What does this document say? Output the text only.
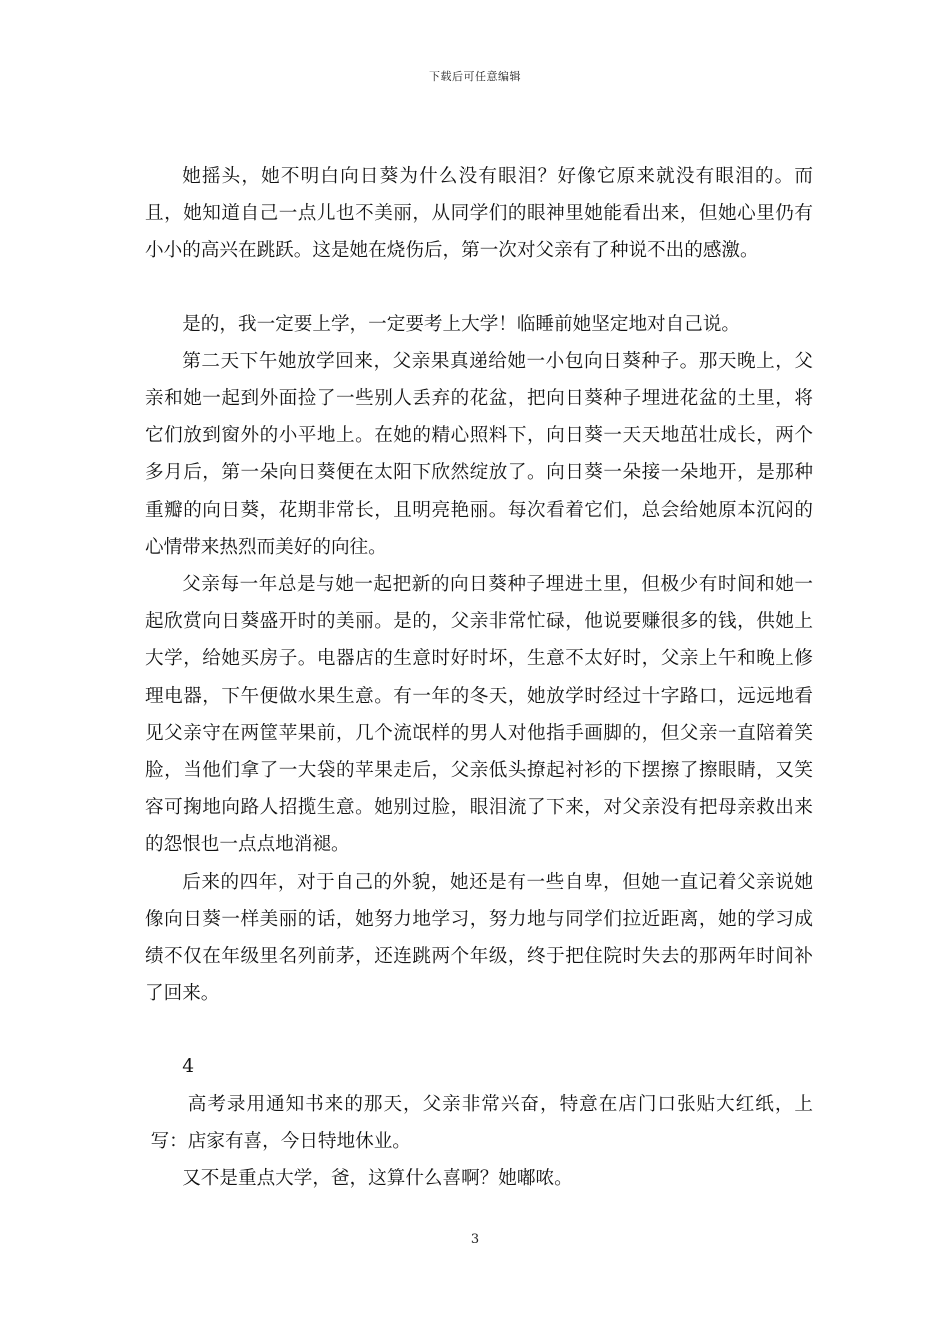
下载后可任意编辑

她摇头，她不明白向日葵为什么没有眼泪？好像它原来就没有眼泪的。而且，她知道自己一点儿也不美丽，从同学们的眼神里她能看出来，但她心里仍有小小的高兴在跳跃。这是她在烧伤后，第一次对父亲有了种说不出的感激。

是的，我一定要上学，一定要考上大学！临睡前她坚定地对自己说。

第二天下午她放学回来，父亲果真递给她一小包向日葵种子。那天晚上，父亲和她一起到外面捡了一些别人丢弃的花盆，把向日葵种子埋进花盆的土里，将它们放到窗外的小平地上。在她的精心照料下，向日葵一天天地茁壮成长，两个多月后，第一朵向日葵便在太阳下欣然绽放了。向日葵一朵接一朵地开，是那种重瓣的向日葵，花期非常长，且明亮艳丽。每次看着它们，总会给她原本沉闷的心情带来热烈而美好的向往。

父亲每一年总是与她一起把新的向日葵种子埋进土里，但极少有时间和她一起欣赏向日葵盛开时的美丽。是的，父亲非常忙碌，他说要赚很多的钱，供她上大学，给她买房子。电器店的生意时好时坏，生意不太好时，父亲上午和晚上修理电器，下午便做水果生意。有一年的冬天，她放学时经过十字路口，远远地看见父亲守在两筐苹果前，几个流氓样的男人对他指手画脚的，但父亲一直陪着笑脸，当他们拿了一大袋的苹果走后，父亲低头撩起衬衫的下摆擦了擦眼睛，又笑容可掬地向路人招揽生意。她别过脸，眼泪流了下来，对父亲没有把母亲救出来的怨恨也一点点地消褪。

后来的四年，对于自己的外貌，她还是有一些自卑，但她一直记着父亲说她像向日葵一样美丽的话，她努力地学习，努力地与同学们拉近距离，她的学习成绩不仅在年级里名列前茅，还连跳两个年级，终于把住院时失去的那两年时间补了回来。

4

高考录用通知书来的那天，父亲非常兴奋，特意在店门口张贴大红纸，上写：店家有喜，今日特地休业。

又不是重点大学，爸，这算什么喜啊？她嘟哝。

3
